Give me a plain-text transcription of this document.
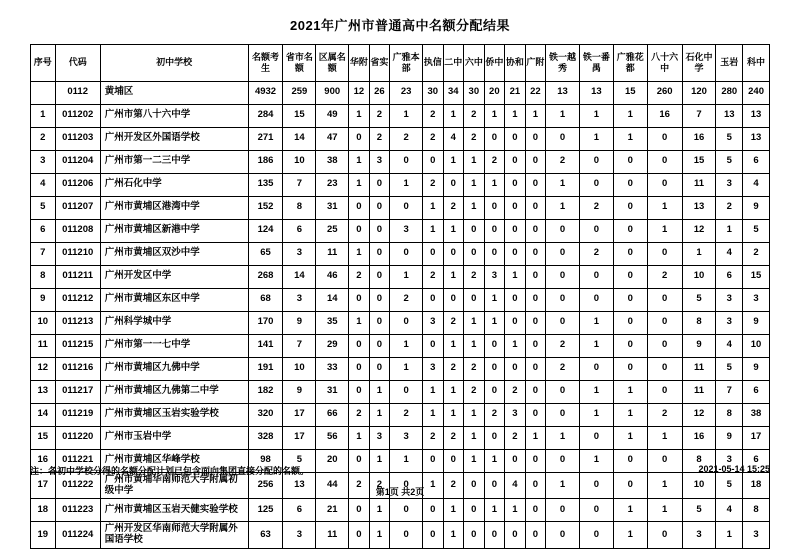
2021年广州市普通高中名额分配结果
序号	代码	初中学校	名额考生	省市名额	区属名额	华附	省实	广雅本部	执信	二中	六中	侨中	协和	广附	铁一越秀	铁一番禺	广雅花都	八十六中	石化中学	玉岩	科中
	0112	黄埔区	4932	259	900	12	26	23	30	34	30	20	21	22	13	13	15	260	120	280	240
1	011202	广州市第八十六中学	284	15	49	1	2	1	2	1	2	1	1	1	1	1	1	16	7	13	13
2	011203	广州开发区外国语学校	271	14	47	0	2	2	2	4	2	0	0	0	0	1	1	0	16	5	13
3	011204	广州市第一二三中学	186	10	38	1	3	0	0	1	1	2	0	0	2	0	0	0	15	5	6
4	011206	广州石化中学	135	7	23	1	0	1	2	0	1	1	0	0	1	0	0	0	11	3	4
5	011207	广州市黄埔区港湾中学	152	8	31	0	0	0	1	2	1	0	0	0	1	2	0	1	13	2	9
6	011208	广州市黄埔区新港中学	124	6	25	0	0	3	1	1	0	0	0	0	0	0	0	1	12	1	5
7	011210	广州市黄埔区双沙中学	65	3	11	1	0	0	0	0	0	0	0	0	0	2	0	0	1	4	2
8	011211	广州开发区中学	268	14	46	2	0	1	2	1	2	3	1	0	0	0	0	2	10	6	15
9	011212	广州市黄埔区东区中学	68	3	14	0	0	2	0	0	0	1	0	0	0	0	0	0	5	3	3
10	011213	广州科学城中学	170	9	35	1	0	0	3	2	1	1	0	0	0	1	0	0	8	3	9
11	011215	广州市第一一七中学	141	7	29	0	0	1	0	1	1	0	1	0	2	1	0	0	9	4	10
12	011216	广州市黄埔区九佛中学	191	10	33	0	0	1	3	2	2	0	0	0	2	0	0	0	11	5	9
13	011217	广州市黄埔区九佛第二中学	182	9	31	0	1	0	1	1	2	0	2	0	0	1	1	0	11	7	6
14	011219	广州市黄埔区玉岩实验学校	320	17	66	2	1	2	1	1	1	2	3	0	0	1	1	2	12	8	38
15	011220	广州市玉岩中学	328	17	56	1	3	3	2	2	1	0	2	1	1	0	1	1	16	9	17
16	011221	广州市黄埔区华峰学校	98	5	20	0	1	1	0	0	1	1	0	0	0	1	0	0	8	3	6
17	011222	广州市黄埔华南师范大学附属初级中学	256	13	44	2	2	0	1	2	0	0	4	0	1	0	0	1	10	5	18
18	011223	广州市黄埔区玉岩天健实验学校	125	6	21	0	1	0	0	1	0	1	1	0	0	0	1	1	5	4	8
19	011224	广州开发区华南师范大学附属外国语学校	63	3	11	0	1	0	0	1	0	0	0	0	0	0	1	0	3	1	3
注：各初中学校分得的名额分配计划已包含面向集团直接分配的名额。	2021-05-14 15:25
第1页 共2页
